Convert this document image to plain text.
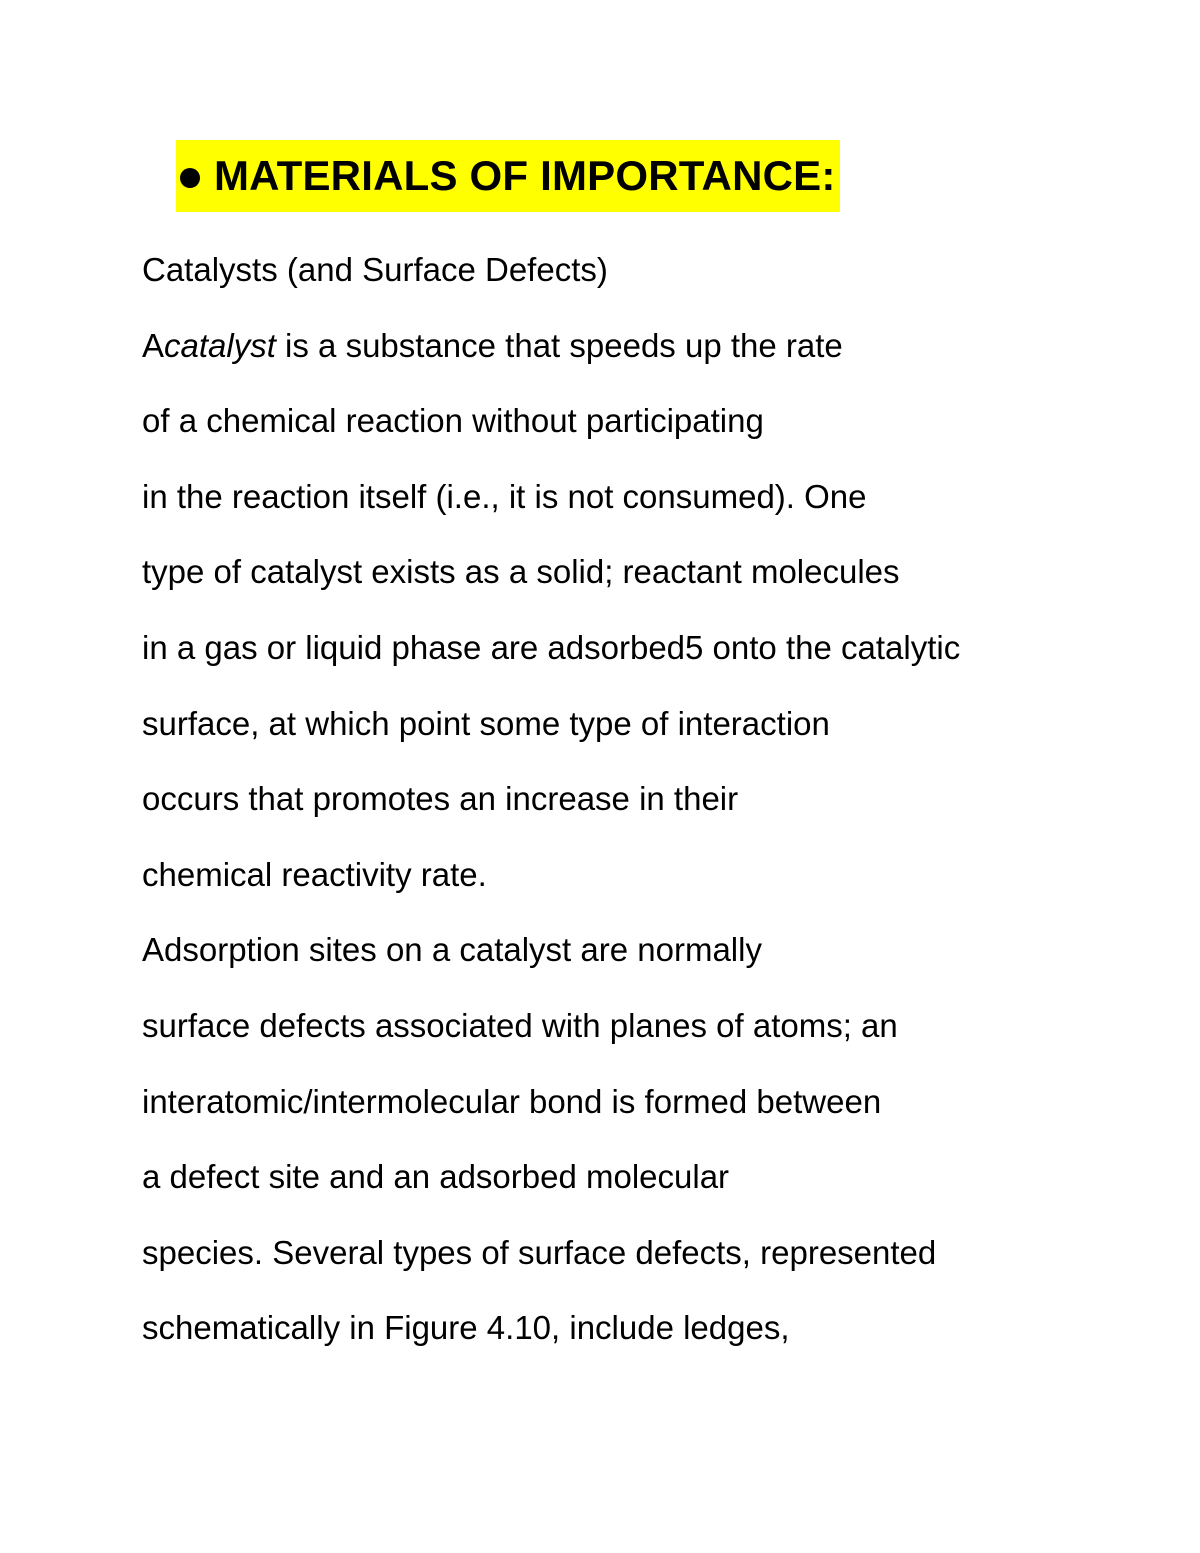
MATERIALS OF IMPORTANCE:
Catalysts (and Surface Defects)
Acatalyst is a substance that speeds up the rate
of a chemical reaction without participating
in the reaction itself (i.e., it is not consumed). One
type of catalyst exists as a solid; reactant molecules
in a gas or liquid phase are adsorbed5 onto the catalytic
surface, at which point some type of interaction
occurs that promotes an increase in their
chemical reactivity rate.
Adsorption sites on a catalyst are normally
surface defects associated with planes of atoms; an
interatomic/intermolecular bond is formed between
a defect site and an adsorbed molecular
species. Several types of surface defects, represented
schematically in Figure 4.10, include ledges,
